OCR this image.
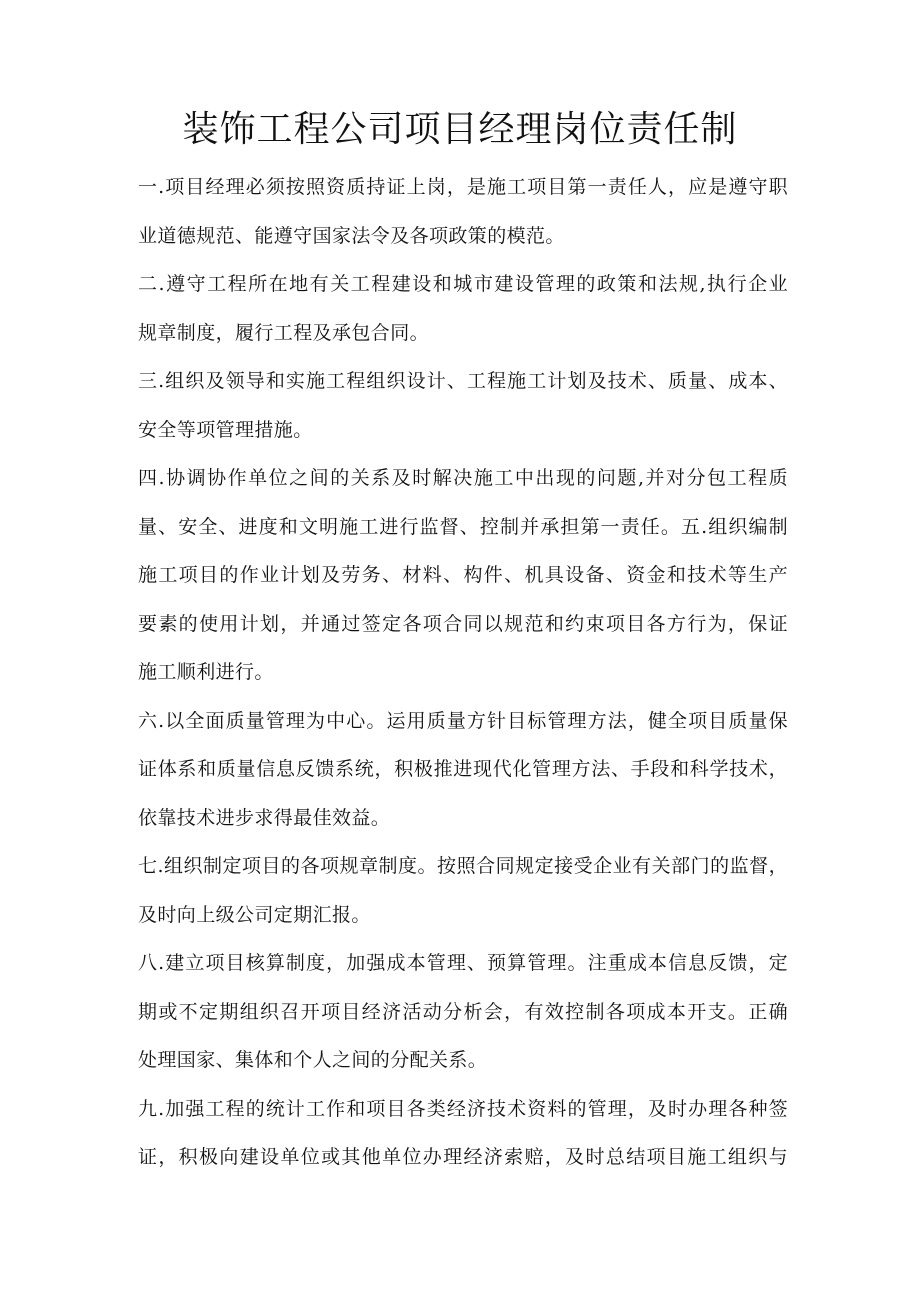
装饰工程公司项目经理岗位责任制
一.项目经理必须按照资质持证上岗，是施工项目第一责任人，应是遵守职
业道德规范、能遵守国家法令及各项政策的模范。
二.遵守工程所在地有关工程建设和城市建设管理的政策和法规,执行企业
规章制度，履行工程及承包合同。
三.组织及领导和实施工程组织设计、工程施工计划及技术、质量、成本、
安全等项管理措施。
四.协调协作单位之间的关系及时解决施工中出现的问题,并对分包工程质
量、安全、进度和文明施工进行监督、控制并承担第一责任。五.组织编制
施工项目的作业计划及劳务、材料、构件、机具设备、资金和技术等生产
要素的使用计划，并通过签定各项合同以规范和约束项目各方行为，保证
施工顺利进行。
六.以全面质量管理为中心。运用质量方针目标管理方法，健全项目质量保
证体系和质量信息反馈系统，积极推进现代化管理方法、手段和科学技术，
依靠技术进步求得最佳效益。
七.组织制定项目的各项规章制度。按照合同规定接受企业有关部门的监督，
及时向上级公司定期汇报。
八.建立项目核算制度，加强成本管理、预算管理。注重成本信息反馈，定
期或不定期组织召开项目经济活动分析会，有效控制各项成本开支。正确
处理国家、集体和个人之间的分配关系。
九.加强工程的统计工作和项目各类经济技术资料的管理，及时办理各种签
证，积极向建设单位或其他单位办理经济索赔，及时总结项目施工组织与
